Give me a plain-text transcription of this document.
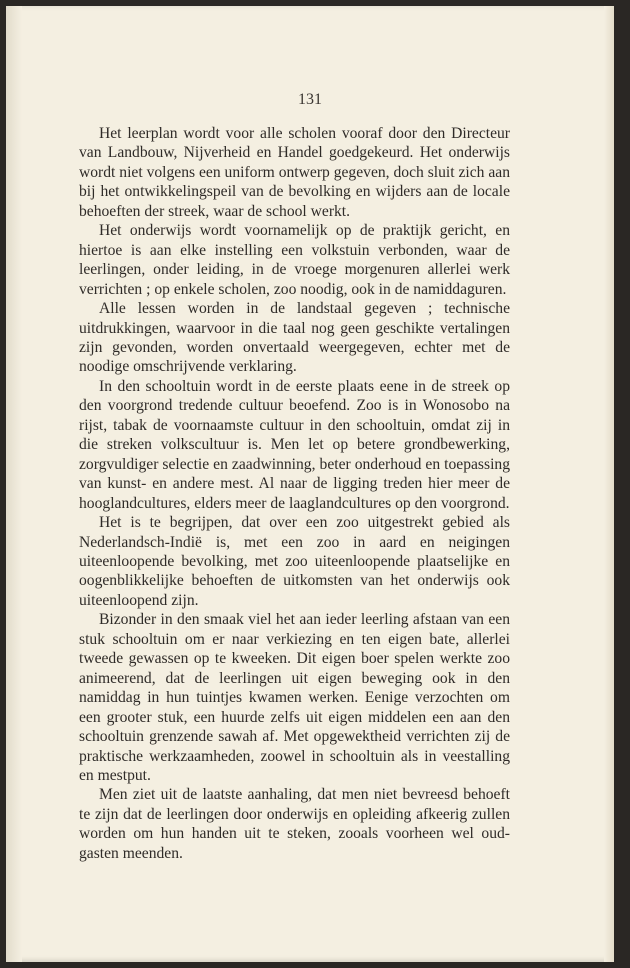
131

Het leerplan wordt voor alle scholen vooraf door den Directeur van Landbouw, Nijverheid en Handel goedgekeurd. Het onderwijs wordt niet volgens een uniform ontwerp gegeven, doch sluit zich aan bij het ontwikkelingspeil van de bevolking en wijders aan de locale behoeften der streek, waar de school werkt.

Het onderwijs wordt voornamelijk op de praktijk gericht, en hiertoe is aan elke instelling een volkstuin verbonden, waar de leerlingen, onder leiding, in de vroege morgenuren allerlei werk verrichten ; op enkele scholen, zoo noodig, ook in de namiddaguren.

Alle lessen worden in de landstaal gegeven ; technische uitdrukkingen, waarvoor in die taal nog geen geschikte vertalingen zijn gevonden, worden onvertaald weergegeven, echter met de noodige omschrijvende verklaring.

In den schooltuin wordt in de eerste plaats eene in de streek op den voorgrond tredende cultuur beoefend. Zoo is in Wonosobo na rijst, tabak de voornaamste cultuur in den schooltuin, omdat zij in die streken volkscultuur is. Men let op betere grondbewerking, zorgvuldiger selectie en zaadwinning, beter onderhoud en toepassing van kunst- en andere mest. Al naar de ligging treden hier meer de hooglandcultures, elders meer de laaglandcultures op den voorgrond.

Het is te begrijpen, dat over een zoo uitgestrekt gebied als Nederlandsch-Indië is, met een zoo in aard en neigingen uiteenloopende bevolking, met zoo uiteenloopende plaatselijke en oogenblikkelijke behoeften de uitkomsten van het onderwijs ook uiteenloopend zijn.

Bizonder in den smaak viel het aan ieder leerling afstaan van een stuk schooltuin om er naar verkiezing en ten eigen bate, allerlei tweede gewassen op te kweeken. Dit eigen boer spelen werkte zoo animeerend, dat de leerlingen uit eigen beweging ook in den namiddag in hun tuintjes kwamen werken. Eenige verzochten om een grooter stuk, een huurde zelfs uit eigen middelen een aan den schooltuin grenzende sawah af. Met opgewektheid verrichten zij de praktische werkzaamheden, zoowel in schooltuin als in veestalling en mestput.

Men ziet uit de laatste aanhaling, dat men niet bevreesd behoeft te zijn dat de leerlingen door onderwijs en opleiding afkeerig zullen worden om hun handen uit te steken, zooals voorheen wel oud-gasten meenden.
